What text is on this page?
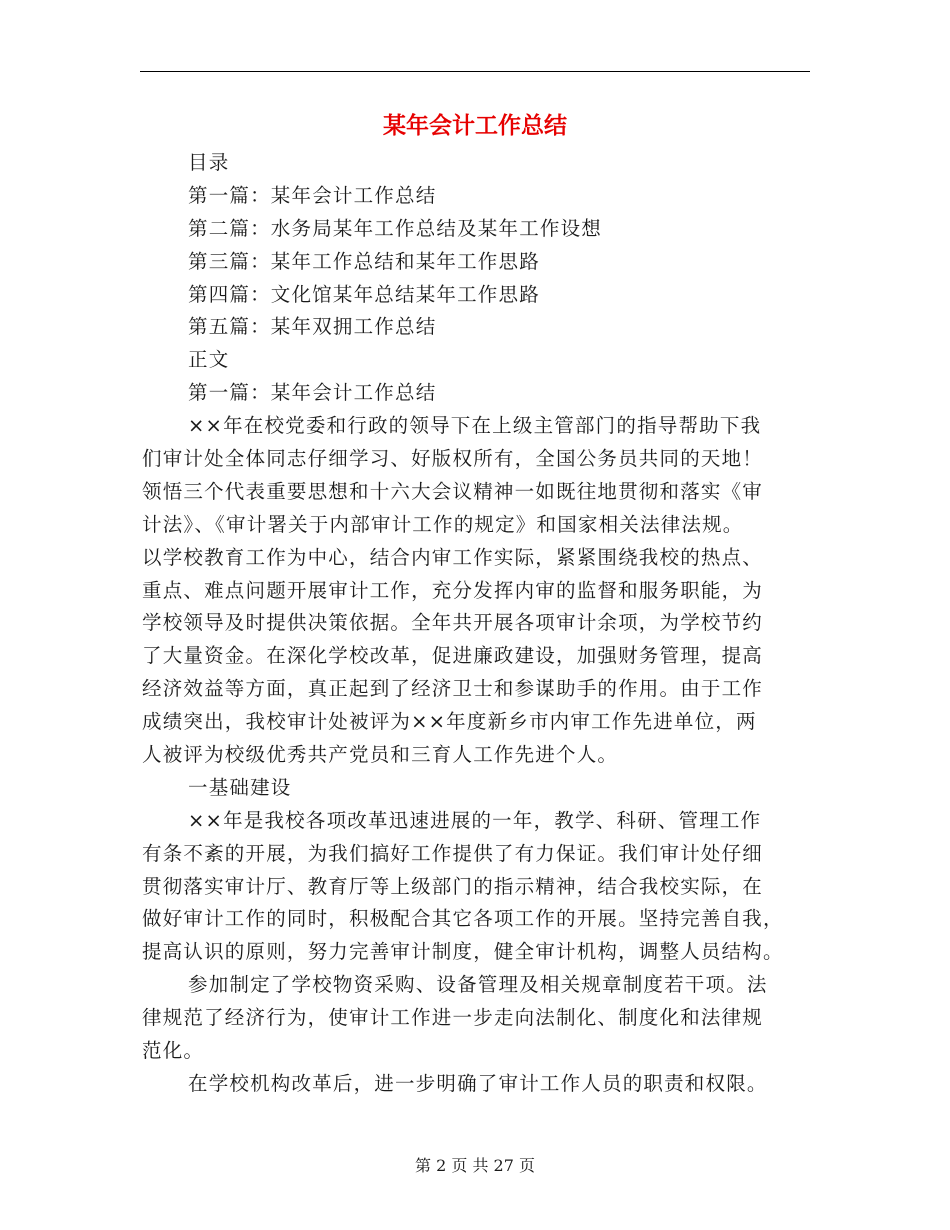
某年会计工作总结
目录
第一篇：某年会计工作总结
第二篇：水务局某年工作总结及某年工作设想
第三篇：某年工作总结和某年工作思路
第四篇：文化馆某年总结某年工作思路
第五篇：某年双拥工作总结
正文
第一篇：某年会计工作总结
××年在校党委和行政的领导下在上级主管部门的指导帮助下我
们审计处全体同志仔细学习、好版权所有，全国公务员共同的天地！
领悟三个代表重要思想和十六大会议精神一如既往地贯彻和落实《审
计法》、《审计署关于内部审计工作的规定》和国家相关法律法规。
以学校教育工作为中心，结合内审工作实际，紧紧围绕我校的热点、
重点、难点问题开展审计工作，充分发挥内审的监督和服务职能，为
学校领导及时提供决策依据。全年共开展各项审计余项，为学校节约
了大量资金。在深化学校改革，促进廉政建设，加强财务管理，提高
经济效益等方面，真正起到了经济卫士和参谋助手的作用。由于工作
成绩突出，我校审计处被评为××年度新乡市内审工作先进单位，两
人被评为校级优秀共产党员和三育人工作先进个人。
一基础建设
××年是我校各项改革迅速进展的一年，教学、科研、管理工作
有条不紊的开展，为我们搞好工作提供了有力保证。我们审计处仔细
贯彻落实审计厅、教育厅等上级部门的指示精神，结合我校实际，在
做好审计工作的同时，积极配合其它各项工作的开展。坚持完善自我，
提高认识的原则，努力完善审计制度，健全审计机构，调整人员结构。
参加制定了学校物资采购、设备管理及相关规章制度若干项。法
律规范了经济行为，使审计工作进一步走向法制化、制度化和法律规
范化。
在学校机构改革后，进一步明确了审计工作人员的职责和权限。
第 2 页 共 27 页
